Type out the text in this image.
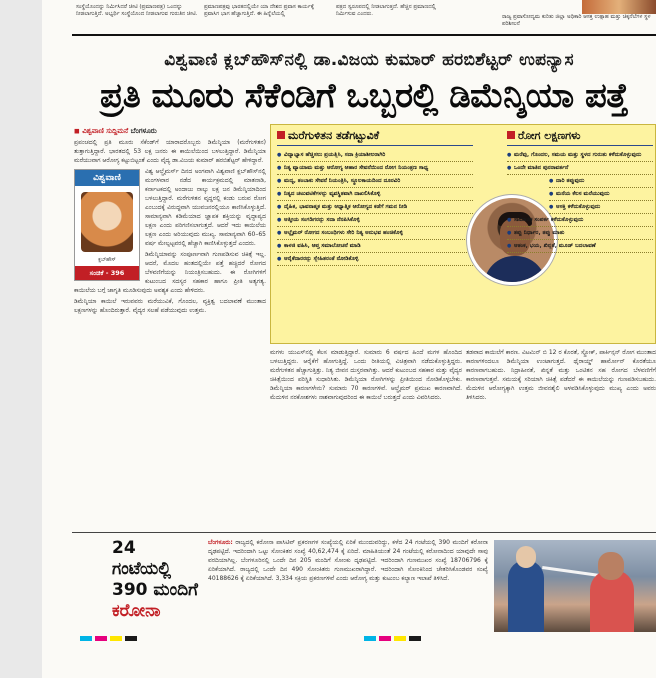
ಸಂಸ್ಥೆಯೊಂದನ್ನು ನಿರ್ಮಿಸಿದರೆ ಚೀಟಿ (ಪ್ರಮಾಣಪತ್ರ) ಒಂದನ್ನು ನೀಡಲಾಗುತ್ತಿದೆ. ಅಭ್ಯರ್ಥಿ ಸಂಸ್ಥೆಯೊಂದ ನೀಡಲಾಗುವ ಗುರುತಿನ ಚೀಟಿ.
ಪ್ರಮಾಣಪತ್ರವು ಭಾರತದಲ್ಲಿಯೇ ಯಾ ದೇಶದ ಪ್ರವಾಸ ಕಾರ್ಯಕ್ಕೆ ಪ್ರವಾಸಿಗ ಭಾಗ ಹೆಚ್ಚಾಗುತ್ತಿದೆ. ಈ ಹಿನ್ನೆಲೆಯಲ್ಲಿ
ಪತ್ರದ ಸ್ವರೂಪದಲ್ಲಿ ನೀಡಲಾಗುತ್ತದೆ. ಹೆಚ್ಚಿನ ಪ್ರಮಾಣದಲ್ಲಿ ನಿರ್ಮಿಸುವ ಎಂದರು.	ರಾಜ್ಯ ಪ್ರವಾಸೋದ್ಯಮ ಕುರಿತು ಜಿಲ್ಲಾ ಅಧಿಕಾರಿ ಆಸಕ್ತ ಉತ್ಸಾಹ ಮತ್ತು ಚಿಕ್ಕನೆಲೆಗಳ ಸ್ಥಳ ಪರಿಶೀಲನೆ
ವಿಶ್ವವಾಣಿ ಕ್ಲಬ್‌ಹೌಸ್‌ನಲ್ಲಿ ಡಾ.ವಿಜಯ ಕುಮಾರ್ ಹರಬಿಶೆಟ್ಟರ್ ಉಪನ್ಯಾಸ
ಪ್ರತಿ ಮೂರು ಸೆಕೆಂಡಿಗೆ ಒಬ್ಬರಲ್ಲಿ ಡಿಮೆನ್ಶಿಯಾ ಪತ್ತೆ
◼ ವಿಶ್ವವಾಣಿ ಸುದ್ದಿಮನೆ ಬೆಂಗಳೂರು

ಪ್ರಪಂಚದಲ್ಲಿ ಪ್ರತಿ ಮೂರು ಸೆಕೆಂಡ್‌ಗೆ ಯಾರಾದರೊಬ್ಬರು ಡಿಮೆನ್ಶಿಯಾ (ಮರೆಗುಳಿತನ) ತುತ್ತಾಗುತ್ತಿದ್ದಾರೆ. ಭಾರತದಲ್ಲಿ 53 ಲಕ್ಷ ಜನರು ಈ ಕಾಯಿಲೆಯಿಂದ ಬಳಲುತ್ತಿದ್ದಾರೆ. ಡಿಮೆನ್ಶಿಯಾ ಮರೆಯುವಾಗ ಆರೋಗ್ಯ ಕಟ್ಟುಬಿಟ್ಟಂತೆ ಎಂದು ವೈದ್ಯ ಡಾ.ವಿಜಯ ಕುಮಾರ್ ಹರಬಿಶೆಟ್ಟರ್ ಹೇಳಿದ್ದಾರೆ.

ವಿಶ್ವವಾಣಿ
ಕ್ಲಬ್‌ಹೌಸ್
ಸಂಚಿಕೆ - 396

ವಿಶ್ವ ಆಲ್ಜೈಮರ್ಸ್ ದಿನದ ಅಂಗವಾಗಿ ವಿಶ್ವವಾಣಿ ಕ್ಲಬ್‌ಹೌಸ್‌ನಲ್ಲಿ ಮಂಗಳವಾರ ನಡೆದ ಕಾರ್ಯಕ್ರಮದಲ್ಲಿ ಮಾತನಾಡಿ, ಕರ್ನಾಟಕದಲ್ಲಿ ಅಂದಾಜು ನಾಲ್ಕು ಲಕ್ಷ ಜನ ಡಿಮೆನ್ಶಿಯಾದಿಂದ ಬಳಲುತ್ತಿದ್ದಾರೆ. ಮರೆಗುಳಿತನ ವೃದ್ಧರಲ್ಲಿ ಕಂಡು ಬರುವ ರೋಗ ಎಂಬುದಕ್ಕೆ ವಿರುದ್ಧವಾಗಿ ಯುವಜನರಲ್ಲಿಯೂ ಕಾಣಿಸಿಕೊಳ್ಳುತ್ತಿದೆ. ಸಾಮಾನ್ಯವಾಗಿ ಕಡಿಮೆಯಾದ ಜ್ಞಾಪಕ ಶಕ್ತಿಯನ್ನು ವೃದ್ಧಾಪ್ಯದ ಲಕ್ಷಣ ಎಂದು ಪರಿಗಣಿಸಲಾಗುತ್ತದೆ. ಆದರೆ ಇದು ಕಾಯಿಲೆಯ ಲಕ್ಷಣ ಎಂದು ಅರಿಯುವುದು ಮುಖ್ಯ. ಸಾಮಾನ್ಯವಾಗಿ 60–65 ವರ್ಷ ಮೇಲ್ಪಟ್ಟವರಲ್ಲಿ ಹೆಚ್ಚಾಗಿ ಕಾಣಿಸಿಕೊಳ್ಳುತ್ತದೆ ಎಂದರು.

ಡಿಮೆನ್ಶಿಯಾವನ್ನು ಸಂಪೂರ್ಣವಾಗಿ ಗುಣಪಡಿಸುವ ಚಿಕಿತ್ಸೆ ಇಲ್ಲ. ಆದರೆ, ಮೊದಲ ಹಂತದಲ್ಲಿಯೇ ಪತ್ತೆ ಹಚ್ಚಿದರೆ ರೋಗದ ಬೆಳವಣಿಗೆಯನ್ನು ನಿಯಂತ್ರಿಸಬಹುದು. ಈ ರೋಗಿಗಳಿಗೆ ಕುಟುಂಬದ ಸದಸ್ಯರ ಸಹಕಾರ ಹಾಗೂ ಪ್ರೀತಿ ಅತ್ಯಗತ್ಯ. ಕಾಯಿಲೆಯ ಬಗ್ಗೆ ಜಾಗೃತಿ ಮೂಡಿಸುವುದು ಅವಶ್ಯಕ ಎಂದು ಹೇಳಿದರು.

ಡಿಮೆನ್ಶಿಯಾ ಕಾಯಿಲೆ ಇರುವವರು ಮರೆಯುವಿಕೆ, ಗೊಂದಲ, ವ್ಯಕ್ತಿತ್ವ ಬದಲಾವಣೆ ಮುಂತಾದ ಲಕ್ಷಣಗಳನ್ನು ಹೊಂದಿರುತ್ತಾರೆ. ವೈದ್ಯರ ಸಲಹೆ ಪಡೆಯುವುದು ಉತ್ತಮ.

ಮರೆಗುಳಿತನ ತಡೆಗಟ್ಟುವಿಕೆ
● ವಿದ್ಯಾಭ್ಯಾಸ ಹೆಚ್ಚಿಸಲು ಪ್ರಯತ್ನಿಸಿ, ಸದಾ ಕ್ರಿಯಾಶೀಲರಾಗಿರಿ
● ನಿತ್ಯ ವ್ಯಾಯಾಮ ಮತ್ತು ಆರೋಗ್ಯ ಆಹಾರ ಸೇವನೆಯಿಂದ ರೋಗ ನಿಯಂತ್ರಣ ಸಾಧ್ಯ
● ಮದ್ಯ, ತಂಬಾಕು ಸೇವನೆ ನಿಯಂತ್ರಿಸಿ, ಸ್ಥೂಲಕಾಯದಿಂದ ದೂರವಿರಿ
● ನಿತ್ಯದ ಚಟುವಟಿಕೆಗಳನ್ನು ವ್ಯವಸ್ಥಿತವಾಗಿ ದಾಖಲಿಸಿಕೊಳ್ಳಿ
● ದೈಹಿಕ, ಭಾವನಾತ್ಮಕ ಮತ್ತು ಆಧ್ಯಾತ್ಮಿಕ ಆರೋಗ್ಯದ ಕಡೆಗೆ ಗಮನ ನೀಡಿ
● ಆತ್ಮೀಯ ಸಂಗಡಿಗರನ್ನು ಸದಾ ನೆನಪಿಸಿಕೊಳ್ಳಿ
● ಆಲ್ಜೈಮರ್ ರೋಗದ ಸಂಬಂಧಿಗಳು ಸೇರಿ ನಿತ್ಯ ಅನುಭವ ಹಂಚಿಕೊಳ್ಳಿ
● ಕಾಳಜಿ ವಹಿಸಿ, ಆಪ್ತ ಸಮಾಲೋಚನೆ ಮಾಡಿ
● ಆರೈಕೆದಾರರನ್ನು ಸ್ನೇಹಿತರಂತೆ ನೋಡಿಕೊಳ್ಳಿ
ರೋಗ ಲಕ್ಷಣಗಳು
● ಮರೆವು, ಗೊಂದಲ, ಸಮಯ ಮತ್ತು ಸ್ಥಳದ ಗುರುತು ಕಳೆದುಕೊಳ್ಳುವುದು
● ಒಂದೇ ಮಾತಿನ ಪುನರಾವರ್ತನೆ
● ದಾರಿ ತಪ್ಪುವುದು
● ಮನೆಯ ಕೆಲಸ ಮರೆಯುವುದು
● ಆಸಕ್ತಿ ಕಳೆದುಕೊಳ್ಳುವುದು
● ಸಾಮಾಜಿಕ ಸಂಪರ್ಕ ಕಳೆದುಕೊಳ್ಳುವುದು
● ತಪ್ಪು ನಿರ್ಧಾರ, ತಪ್ಪು ಮಾತು
● ಆತಂಕ, ಭಯ, ಖಿನ್ನತೆ, ಮೂಡ್ ಬದಲಾವಣೆ
ಮಗಳು ಯುಎಸ್‌ನಲ್ಲಿ ಕೆಲಸ ಮಾಡುತ್ತಿದ್ದಾರೆ. ಸುಮಾರು 6 ವರ್ಷದ ಹಿಂದೆ ಮಗಳ ಹೊಂದಿದ ಬಳಲುತ್ತಿದ್ದರು. ಆರೈಕೆಗೆ ಹೋಗುತ್ತಿದ್ದೆ. ಒಂದು ರೀತಿಯಲ್ಲಿ ವಿಚಿತ್ರವಾಗಿ ನಡೆದುಕೊಳ್ಳುತ್ತಿದ್ದರು. ಮರೆಗುಳಿತನ ಹೆಚ್ಚಾಗುತ್ತಿತ್ತು. ನಿತ್ಯ ಜೀವನ ದುಸ್ತರವಾಗಿತ್ತು. ಆದರೆ ಕುಟುಂಬದ ಸಹಕಾರ ಮತ್ತು ವೈದ್ಯರ ಚಿಕಿತ್ಸೆಯಿಂದ ಪರಿಸ್ಥಿತಿ ಸುಧಾರಿಸಿತು. ಡಿಮೆನ್ಶಿಯಾ ರೋಗಿಗಳನ್ನು ಪ್ರೀತಿಯಿಂದ ನೋಡಿಕೊಳ್ಳಬೇಕು. ಡಿಮೆನ್ಶಿಯಾ ಕಾರಣಗಳೇನು? ಸುಮಾರು 70 ಕಾರಣಗಳಿವೆ. ಆಲ್ಜೈಮರ್ ಪ್ರಮುಖ ಕಾರಣವಾಗಿದೆ. ಮೆದುಳಿನ ನರಕೋಶಗಳು ನಾಶವಾಗುವುದರಿಂದ ಈ ಕಾಯಿಲೆ ಬರುತ್ತದೆ ಎಂದು ವಿವರಿಸಿದರು.
ತಡವಾದ ಕಾಯಿಲೆಗೆ ಕಾರಣ. ವಿಟಮಿನ್ ಬಿ 12 ರ ಕೊರತೆ, ಸ್ಟ್ರೋಕ್, ಪಾರ್ಕಿನ್ಸನ್ ರೋಗ ಮುಂತಾದ ಕಾರಣಗಳಿಂದಲೂ ಡಿಮೆನ್ಶಿಯಾ ಉಂಟಾಗುತ್ತದೆ. ಥೈರಾಯ್ಡ್ ಹಾರ್ಮೋನ್ ಕೊರತೆಯೂ ಕಾರಣವಾಗಬಹುದು. ನಿದ್ರಾಹೀನತೆ, ಖಿನ್ನತೆ ಮತ್ತು ಒಂಟಿತನ ಸಹ ರೋಗದ ಬೆಳವಣಿಗೆಗೆ ಕಾರಣವಾಗುತ್ತವೆ. ಸಮಯಕ್ಕೆ ಸರಿಯಾಗಿ ಚಿಕಿತ್ಸೆ ಪಡೆದರೆ ಈ ಕಾಯಿಲೆಯನ್ನು ಗುಣಪಡಿಸಬಹುದು. ಮೆದುಳಿನ ಆರೋಗ್ಯಕ್ಕಾಗಿ ಉತ್ತಮ ಜೀವನಶೈಲಿ ಅಳವಡಿಸಿಕೊಳ್ಳುವುದು ಮುಖ್ಯ ಎಂದು ಅವರು ತಿಳಿಸಿದರು.
24
ಗಂಟೆಯಲ್ಲಿ
390 ಮಂದಿಗೆ
ಕರೋನಾ
ಬೆಂಗಳೂರು: ರಾಜ್ಯದಲ್ಲಿ ಕರೋನಾ ಪಾಸಿಟಿವ್ ಪ್ರಕರಣಗಳ ಸಂಖ್ಯೆಯಲ್ಲಿ ಏರಿಕೆ ಮುಂದುವರಿದ್ದು, ಕಳೆದ 24 ಗಂಟೆಯಲ್ಲಿ 390 ಮಂದಿಗೆ ಕರೋನಾ ದೃಢಪಟ್ಟಿದೆ. ಇದರಿಂದಾಗಿ ಒಟ್ಟು ಸೋಂಕಿತರ ಸಂಖ್ಯೆ 40,62,474 ಕ್ಕೆ ಏರಿದೆ. ಮಾಹಿತಿಯಂತೆ 24 ಗಂಟೆಯಲ್ಲಿ ಕರೋನಾದಿಂದ ಯಾವುದೇ ಸಾವು ವರದಿಯಾಗಿಲ್ಲ. ಬೆಂಗಳೂರಿನಲ್ಲಿ ಒಂದೇ ದಿನ 205 ಮಂದಿಗೆ ಸೋಂಕು ದೃಢಪಟ್ಟಿದೆ. ಇದರಿಂದಾಗಿ ಗುಣಮುಖರ ಸಂಖ್ಯೆ 18706796 ಕ್ಕೆ ಏರಿಕೆಯಾಗಿದೆ. ರಾಜ್ಯದಲ್ಲಿ ಒಂದೇ ದಿನ 490 ಸೋಂಕಿತರು ಗುಣಮುಖರಾಗಿದ್ದಾರೆ. ಇದರಿಂದಾಗಿ ಸೋಂಕಿನಿಂದ ಚೇತರಿಸಿಕೊಂಡವರ ಸಂಖ್ಯೆ 40188626 ಕ್ಕೆ ಏರಿಕೆಯಾಗಿದೆ. 3,334 ಸಕ್ರಿಯ ಪ್ರಕರಣಗಳಿವೆ ಎಂದು ಆರೋಗ್ಯ ಮತ್ತು ಕುಟುಂಬ ಕಲ್ಯಾಣ ಇಲಾಖೆ ತಿಳಿಸಿದೆ.
